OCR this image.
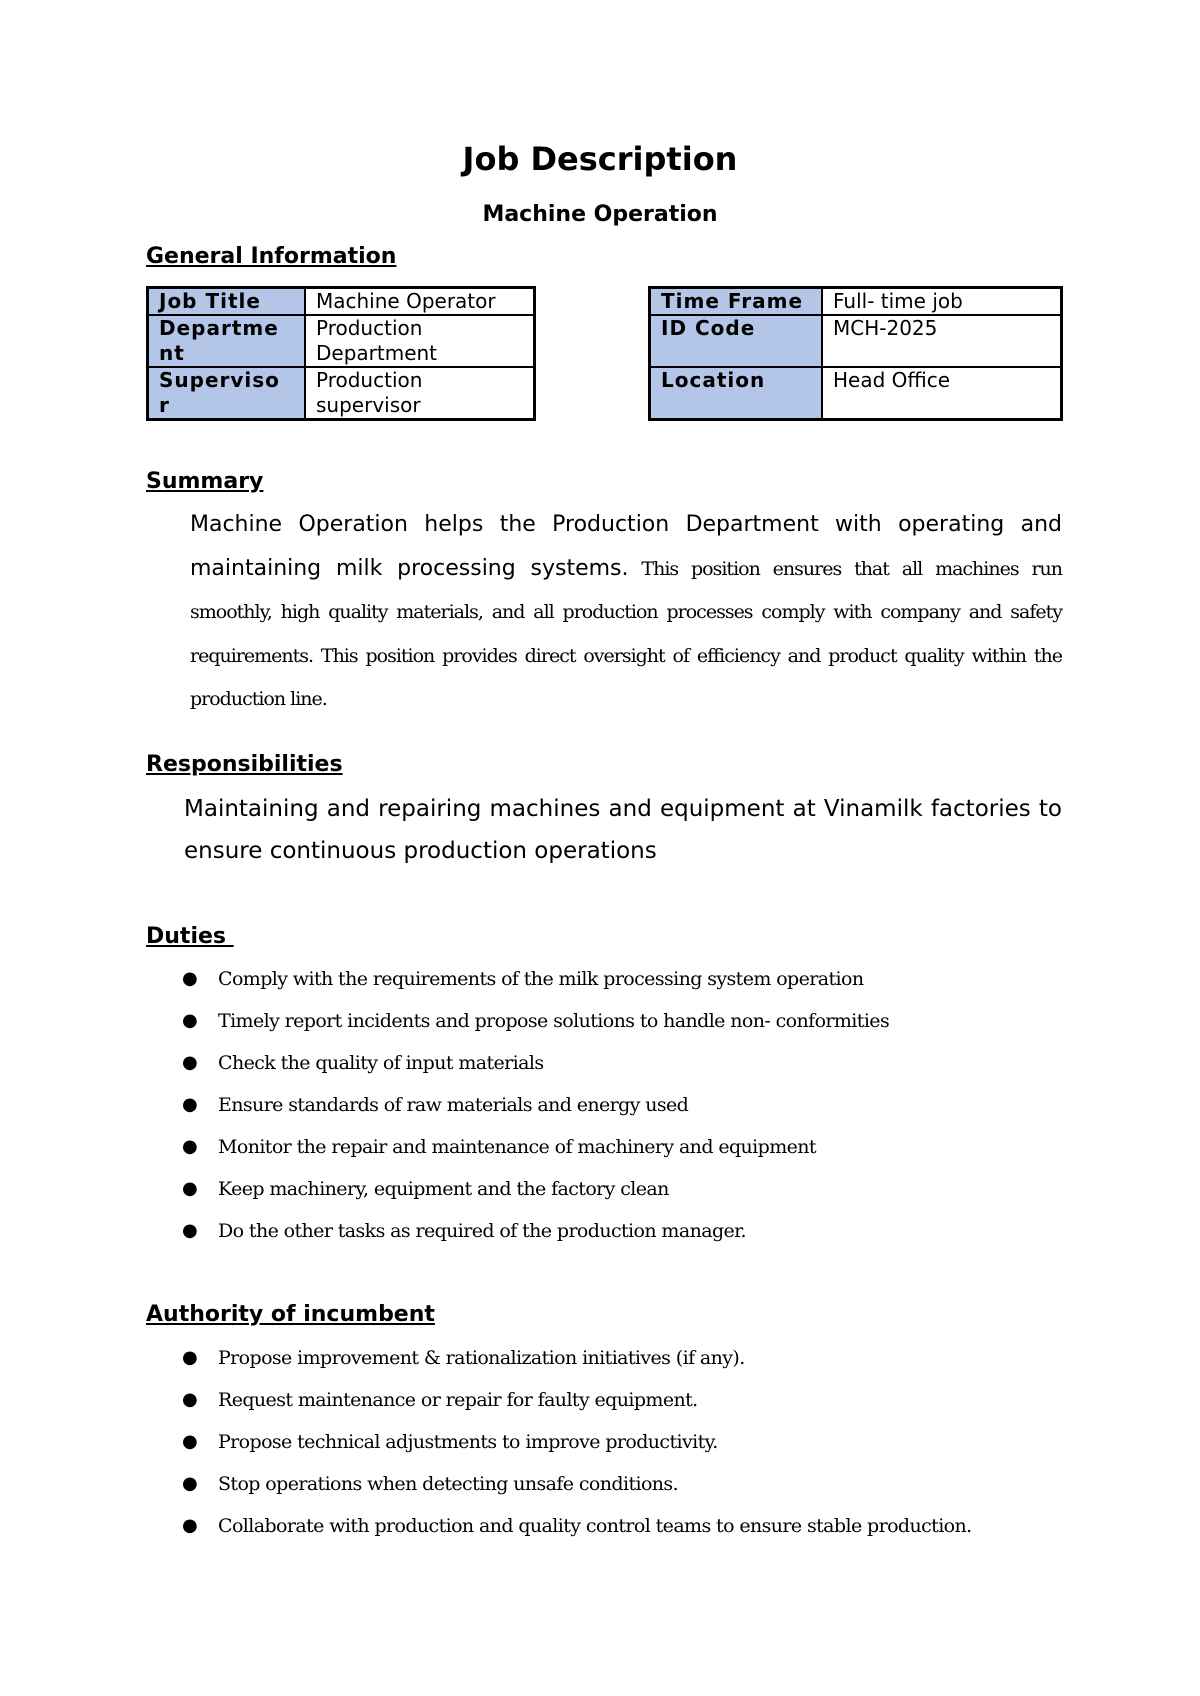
Job Description
Machine Operation
General Information
Job Title	Machine Operator
Departme nt	Production Department
Superviso r	Production supervisor
Time Frame	Full- time job
ID Code	MCH-2025
Location	Head Office
Summary
Machine Operation helps the Production Department with operating and maintaining milk processing systems. This position ensures that all machines run smoothly, high quality materials, and all production processes comply with company and safety requirements. This position provides direct oversight of efficiency and product quality within the production line.
Responsibilities
Maintaining and repairing machines and equipment at Vinamilk factories to ensure continuous production operations
Duties
● Comply with the requirements of the milk processing system operation
● Timely report incidents and propose solutions to handle non- conformities
● Check the quality of input materials
● Ensure standards of raw materials and energy used
● Monitor the repair and maintenance of machinery and equipment
● Keep machinery, equipment and the factory clean
● Do the other tasks as required of the production manager.
Authority of incumbent
● Propose improvement & rationalization initiatives (if any).
● Request maintenance or repair for faulty equipment.
● Propose technical adjustments to improve productivity.
● Stop operations when detecting unsafe conditions.
● Collaborate with production and quality control teams to ensure stable production.
